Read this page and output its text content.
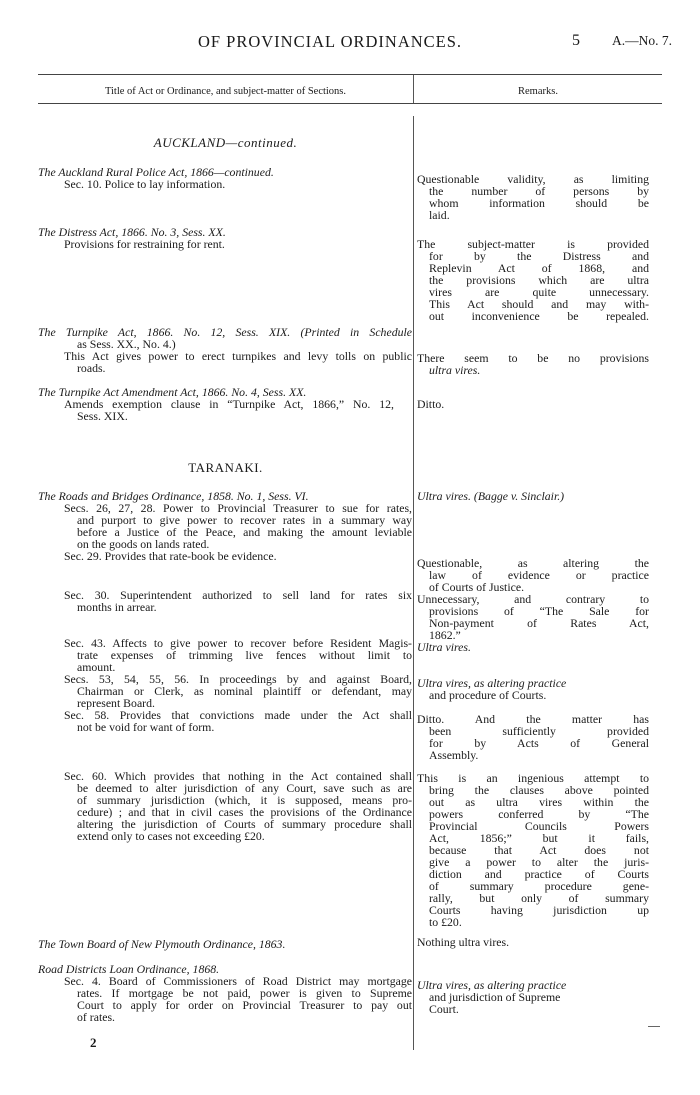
OF PROVINCIAL ORDINANCES.	5 A.—No. 7.
Title of Act or Ordinance, and subject-matter of Sections.	Remarks.
AUCKLAND—continued.
The Auckland Rural Police Act, 1866—continued.
Sec. 10. Police to lay information.
The Distress Act, 1866. No. 3, Sess. XX.
Provisions for restraining for rent.
The Turnpike Act, 1866. No. 12, Sess. XIX. (Printed in Schedule
as Sess. XX., No. 4.)
This Act gives power to erect turnpikes and levy tolls on public
roads.
The Turnpike Act Amendment Act, 1866. No. 4, Sess. XX.
Amends exemption clause in “Turnpike Act, 1866,” No. 12,
Sess. XIX.
TARANAKI.
The Roads and Bridges Ordinance, 1858. No. 1, Sess. VI.
Secs. 26, 27, 28. Power to Provincial Treasurer to sue for rates,
and purport to give power to recover rates in a summary way
before a Justice of the Peace, and making the amount leviable
on the goods on lands rated.
Sec. 29. Provides that rate-book be evidence.
Sec. 30. Superintendent authorized to sell land for rates six
months in arrear.
Sec. 43. Affects to give power to recover before Resident Magis-
trate expenses of trimming live fences without limit to
amount.
Secs. 53, 54, 55, 56. In proceedings by and against Board,
Chairman or Clerk, as nominal plaintiff or defendant, may
represent Board.
Sec. 58. Provides that convictions made under the Act shall
not be void for want of form.
Sec. 60. Which provides that nothing in the Act contained shall
be deemed to alter jurisdiction of any Court, save such as are
of summary jurisdiction (which, it is supposed, means pro-
cedure) ; and that in civil cases the provisions of the Ordinance
altering the jurisdiction of Courts of summary procedure shall
extend only to cases not exceeding £20.
The Town Board of New Plymouth Ordinance, 1863.
Road Districts Loan Ordinance, 1868.
Sec. 4. Board of Commissioners of Road District may mortgage
rates. If mortgage be not paid, power is given to Supreme
Court to apply for order on Provincial Treasurer to pay out
of rates.
Questionable validity, as limiting
the number of persons by
whom information should be
laid.
The subject-matter is provided
for by the Distress and
Replevin Act of 1868, and
the provisions which are ultra
vires are quite unnecessary.
This Act should and may with-
out inconvenience be repealed.
There seem to be no provisions
ultra vires.
Ditto.
Ultra vires. (Bagge v. Sinclair.)
Questionable, as altering the
law of evidence or practice
of Courts of Justice.
Unnecessary, and contrary to
provisions of “The Sale for
Non-payment of Rates Act,
1862.”
Ultra vires.
Ultra vires, as altering practice
and procedure of Courts.
Ditto. And the matter has
been sufficiently provided
for by Acts of General
Assembly.
This is an ingenious attempt to
bring the clauses above pointed
out as ultra vires within the
powers conferred by “The
Provincial Councils Powers
Act, 1856;” but it fails,
because that Act does not
give a power to alter the juris-
diction and practice of Courts
of summary procedure gene-
rally, but only of summary
Courts having jurisdiction up
to £20.
Nothing ultra vires.
Ultra vires, as altering practice
and jurisdiction of Supreme
Court.
2
